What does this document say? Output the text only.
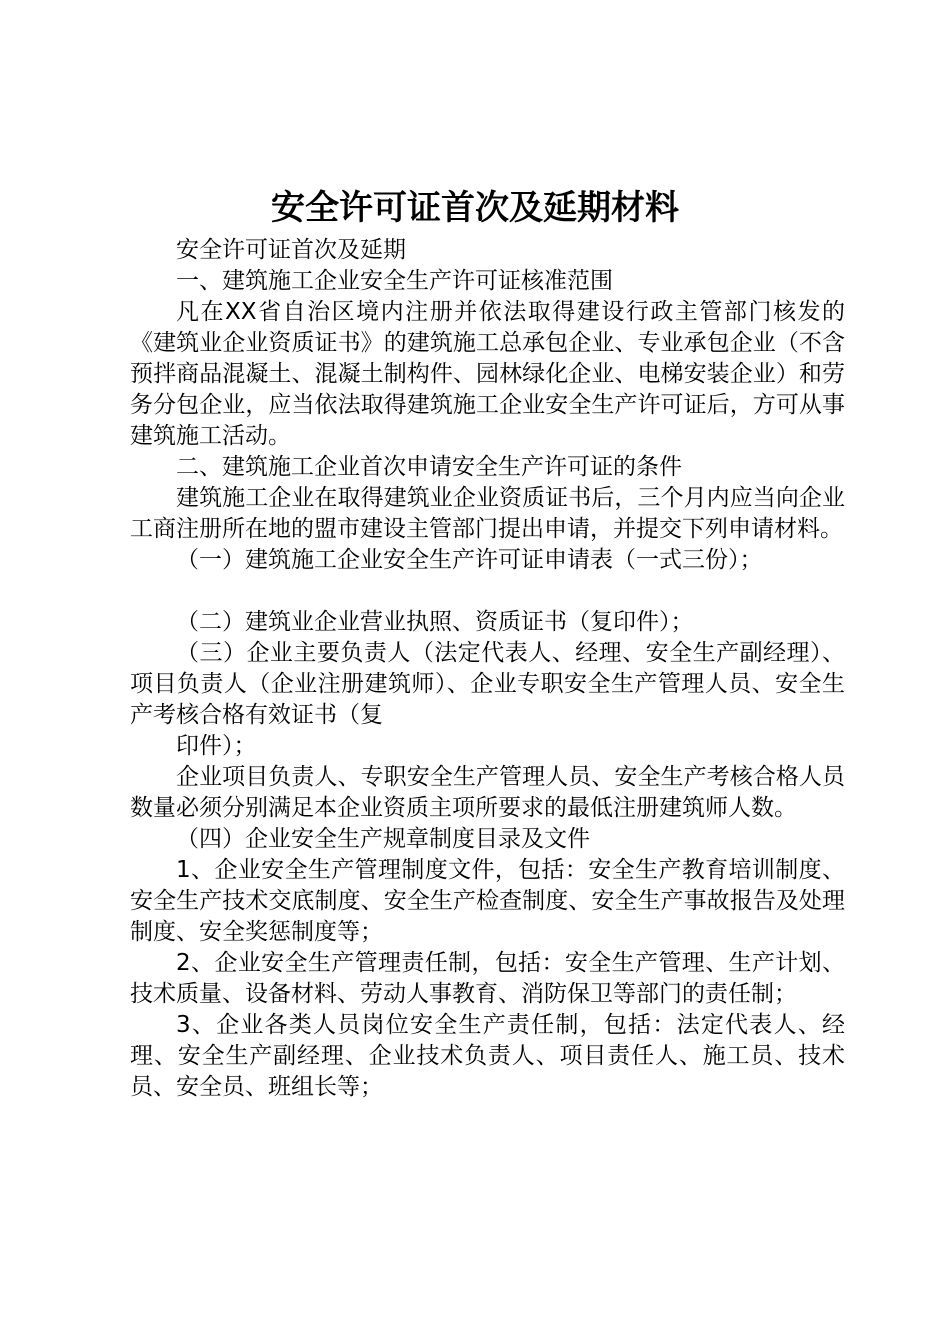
安全许可证首次及延期材料

安全许可证首次及延期

一、建筑施工企业安全生产许可证核准范围

凡在XX省自治区境内注册并依法取得建设行政主管部门核发的《建筑业企业资质证书》的建筑施工总承包企业、专业承包企业（不含预拌商品混凝土、混凝土制构件、园林绿化企业、电梯安装企业）和劳务分包企业，应当依法取得建筑施工企业安全生产许可证后，方可从事建筑施工活动。

二、建筑施工企业首次申请安全生产许可证的条件

建筑施工企业在取得建筑业企业资质证书后，三个月内应当向企业工商注册所在地的盟市建设主管部门提出申请，并提交下列申请材料。

（一）建筑施工企业安全生产许可证申请表（一式三份）；

（二）建筑业企业营业执照、资质证书（复印件）；

（三）企业主要负责人（法定代表人、经理、安全生产副经理）、项目负责人（企业注册建筑师）、企业专职安全生产管理人员、安全生产考核合格有效证书（复

印件）；

企业项目负责人、专职安全生产管理人员、安全生产考核合格人员数量必须分别满足本企业资质主项所要求的最低注册建筑师人数。

（四）企业安全生产规章制度目录及文件

1、企业安全生产管理制度文件，包括：安全生产教育培训制度、安全生产技术交底制度、安全生产检查制度、安全生产事故报告及处理制度、安全奖惩制度等；

2、企业安全生产管理责任制，包括：安全生产管理、生产计划、技术质量、设备材料、劳动人事教育、消防保卫等部门的责任制；

3、企业各类人员岗位安全生产责任制，包括：法定代表人、经理、安全生产副经理、企业技术负责人、项目责任人、施工员、技术员、安全员、班组长等；
